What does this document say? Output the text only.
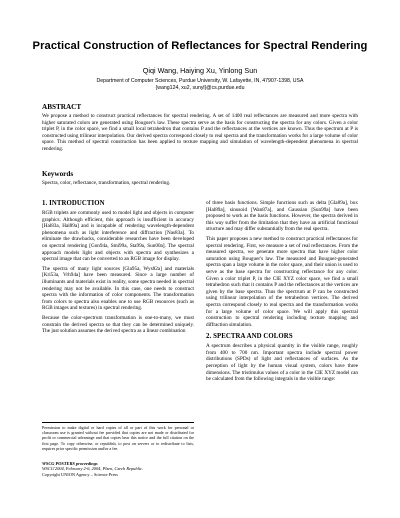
Practical Construction of Reflectances for Spectral Rendering
Qiqi Wang, Haiying Xu, Yinlong Sun
Department of Computer Sciences, Purdue University, W. Lafayette, IN, 47907-1398, USA
{wang124, xu2, sunyl}@cs.purdue.edu
ABSTRACT
We propose a method to construct practical reflectances for spectral rendering. A set of 1400 real reflectances are measured and more spectra with higher saturated colors are generated using Bouguer's law. These spectra serve as the basis for constructing the spectra for any colors. Given a color triplet P, in the color space, we find a small local tetrahedron that contains P and the reflectances at the vertices are known. Thus the spectrum at P is constructed using trilinear interpolation. Our derived spectra correspond closely to real spectra and the transformation works for a large volume of color space. This method of spectral construction has been applied to texture mapping and simulation of wavelength-dependent phenomena in spectral rendering.
Keywords
Spectra, color, reflectance, transformation, spectral rendering.
1. INTRODUCTION

RGB triplets are commonly used to model light and objects in computer graphics. Although efficient, this approach is insufficient in accuracy [Hal83a, Hal89a] and is incapable of rendering wavelength-dependent phenomena such as light interference and diffraction [Nas83a]. To eliminate the drawbacks, considerable researches have been developed on spectral rendering [Gon94a, Smi99a, Sta99a, Sun00a]. The spectral approach models light and objects with spectra and synthesizes a spectral image that can be converted to an RGB image for display.

The spectra of many light sources [Gla95a, Wys82a] and materials [Kri53a, Vrh94a] have been measured. Since a large number of illuminants and materials exist in reality, some spectra needed in spectral rendering may not be available. In this case, one needs to construct spectra with the information of color components. The transformation from colors to spectra also enables one to use RGB resources (such as RGB images and textures) in spectral rendering.

Because the color-spectrum transformation is one-to-many, we must constrain the derived spectra so that they can be determined uniquely. The just solution assumes the derived spectra as a linear combination

Permission to make digital or hard copies of all or part of this work for personal or classroom use is granted without fee provided that copies are not made or distributed for profit or commercial advantage and that copies bear this notice and the full citation on the first page. To copy otherwise, or republish, to post on servers or to redistribute to lists, requires prior specific permission and/or a fee.
WSCG POSTERS proceedings
WSCG'2004, February 2-6, 2004, Plzen, Czech Republic.
Copyright UNION Agency – Science Press

of three basis functions. Simple functions such as delta [Gla89a], box [Hal89a], sinusoid [Wan87a], and Gaussian [Sun99a] have been proposed to work as the basis functions. However, the spectra derived in this way suffer from the limitation that they have an artificial functional structure and may differ substantially from the real spectra.

This paper proposes a new method to construct practical reflectances for spectral rendering. First, we measure a set of real reflectances. From the measured spectra, we generate more spectra that have higher color saturation using Bouguer's law. The measured and Bouguer-generated spectra span a large volume in the color space, and their union is used to serve as the base spectra for constructing reflectance for any color. Given a color triplet P, in the CIE XYZ color space, we find a small tetrahedron such that it contains P and the reflectances at the vertices are given by the base spectra. Thus the spectrum at P can be constructed using trilinear interpolation of the tetrahedron vertices. The derived spectra correspond closely to real spectra and the transformation works for a large volume of color space. We will apply this spectral construction to spectral rendering including texture mapping and diffraction simulation.

2. SPECTRA AND COLORS

A spectrum describes a physical quantity in the visible range, roughly from 400 to 700 nm. Important spectra include spectral power distributions (SPDs) of light and reflectances of surfaces. As the perception of light by the human visual system, colors have three dimensions. The tristimulus values of a color in the CIE XYZ model can be calculated from the following integrals in the visible range:
